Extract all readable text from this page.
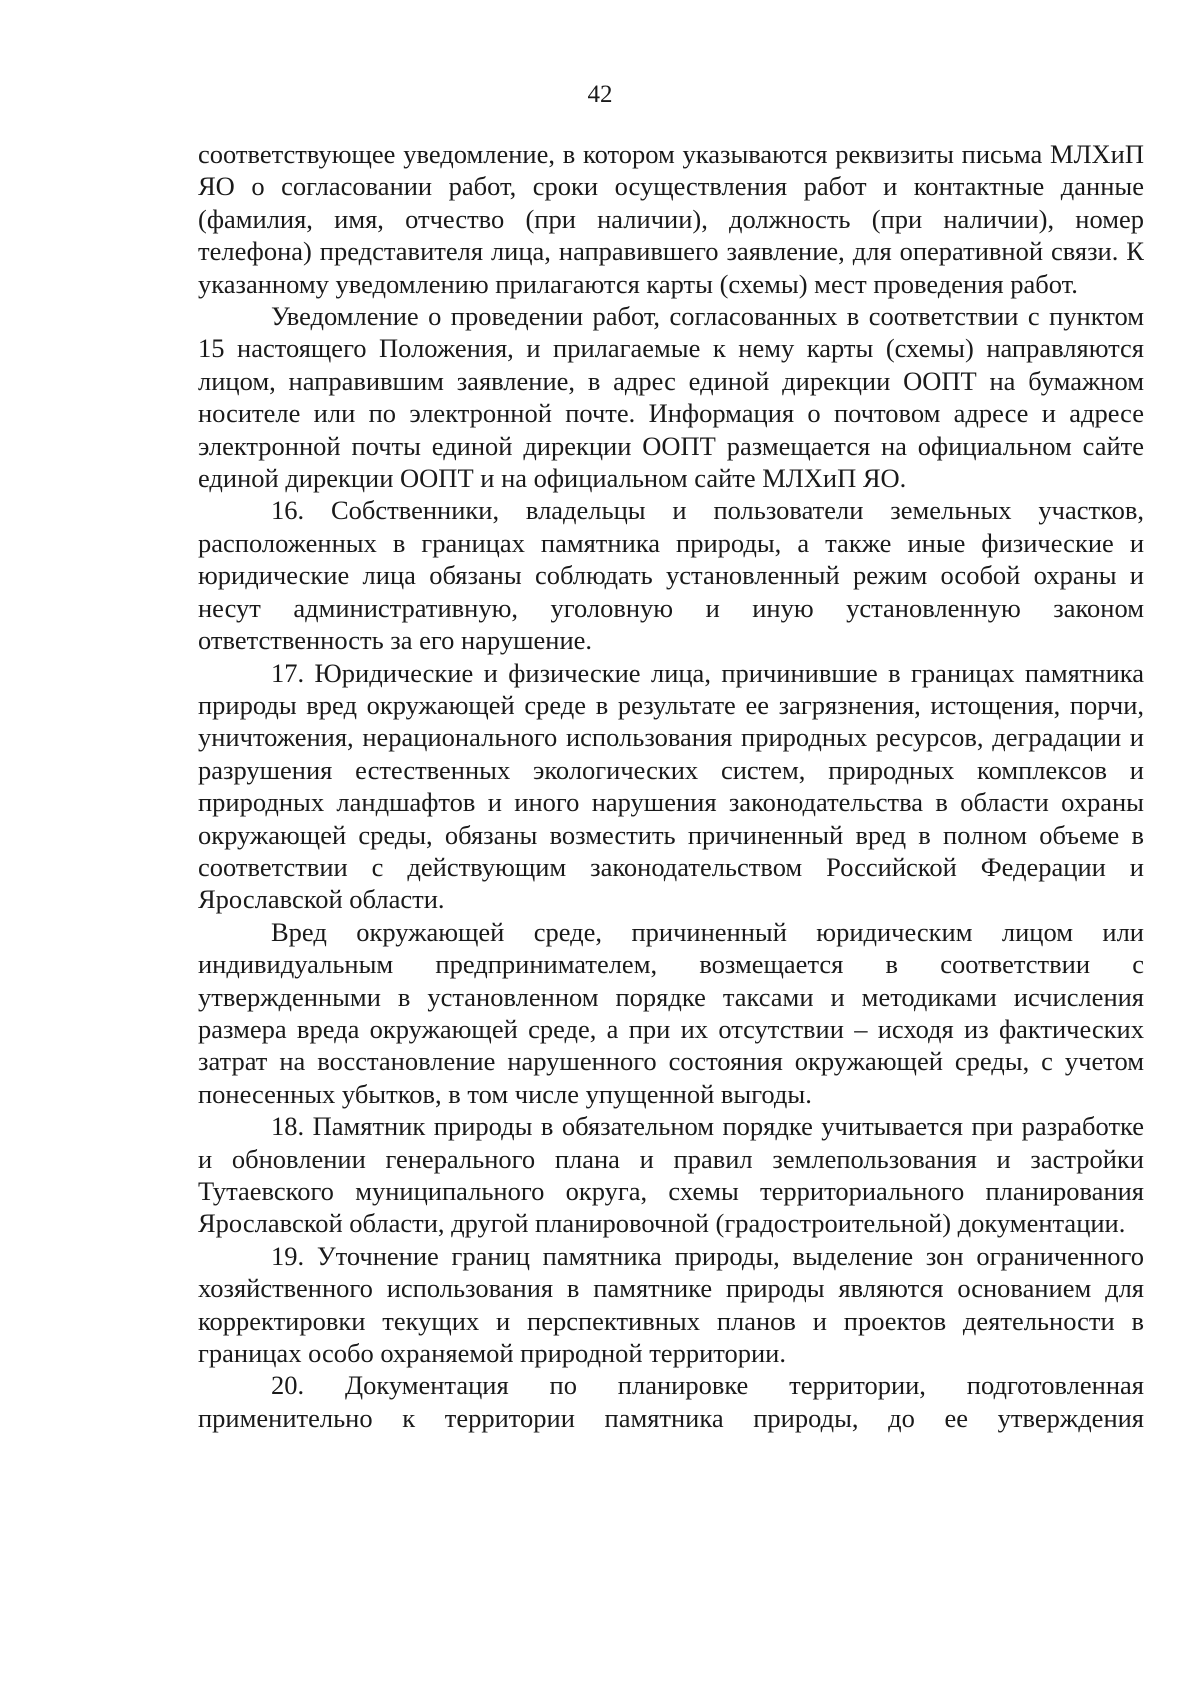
42

соответствующее уведомление, в котором указываются реквизиты письма МЛХиП ЯО о согласовании работ, сроки осуществления работ и контактные данные (фамилия, имя, отчество (при наличии), должность (при наличии), номер телефона) представителя лица, направившего заявление, для оперативной связи. К указанному уведомлению прилагаются карты (схемы) мест проведения работ.

Уведомление о проведении работ, согласованных в соответствии с пунктом 15 настоящего Положения, и прилагаемые к нему карты (схемы) направляются лицом, направившим заявление, в адрес единой дирекции ООПТ на бумажном носителе или по электронной почте. Информация о почтовом адресе и адресе электронной почты единой дирекции ООПТ размещается на официальном сайте единой дирекции ООПТ и на официальном сайте МЛХиП ЯО.

16. Собственники, владельцы и пользователи земельных участков, расположенных в границах памятника природы, а также иные физические и юридические лица обязаны соблюдать установленный режим особой охраны и несут административную, уголовную и иную установленную законом ответственность за его нарушение.

17. Юридические и физические лица, причинившие в границах памятника природы вред окружающей среде в результате ее загрязнения, истощения, порчи, уничтожения, нерационального использования природных ресурсов, деградации и разрушения естественных экологических систем, природных комплексов и природных ландшафтов и иного нарушения законодательства в области охраны окружающей среды, обязаны возместить причиненный вред в полном объеме в соответствии с действующим законодательством Российской Федерации и Ярославской области.

Вред окружающей среде, причиненный юридическим лицом или индивидуальным предпринимателем, возмещается в соответствии с утвержденными в установленном порядке таксами и методиками исчисления размера вреда окружающей среде, а при их отсутствии – исходя из фактических затрат на восстановление нарушенного состояния окружающей среды, с учетом понесенных убытков, в том числе упущенной выгоды.

18. Памятник природы в обязательном порядке учитывается при разработке и обновлении генерального плана и правил землепользования и застройки Тутаевского муниципального округа, схемы территориального планирования Ярославской области, другой планировочной (градостроительной) документации.

19. Уточнение границ памятника природы, выделение зон ограниченного хозяйственного использования в памятнике природы являются основанием для корректировки текущих и перспективных планов и проектов деятельности в границах особо охраняемой природной территории.

20. Документация по планировке территории, подготовленная применительно к территории памятника природы, до ее утверждения
